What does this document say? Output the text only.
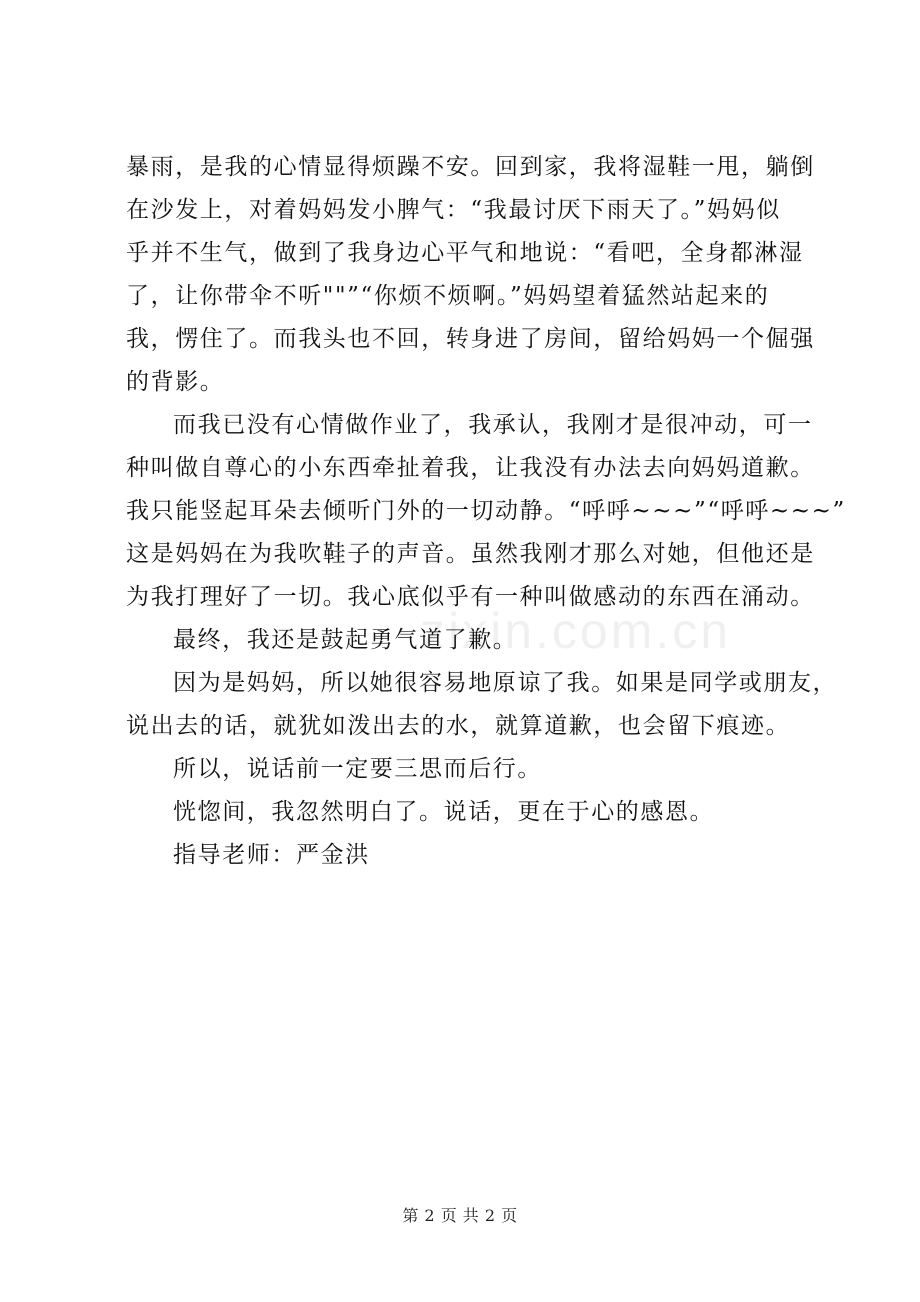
zixin.com.cn
暴雨，是我的心情显得烦躁不安。回到家，我将湿鞋一甩，躺倒
在沙发上，对着妈妈发小脾气：“我最讨厌下雨天了。”妈妈似
乎并不生气，做到了我身边心平气和地说：“看吧，全身都淋湿
了，让你带伞不听""”“你烦不烦啊。”妈妈望着猛然站起来的
我，愣住了。而我头也不回，转身进了房间，留给妈妈一个倔强
的背影。
而我已没有心情做作业了，我承认，我刚才是很冲动，可一
种叫做自尊心的小东西牵扯着我，让我没有办法去向妈妈道歉。
我只能竖起耳朵去倾听门外的一切动静。“呼呼~~~”“呼呼~~~”
这是妈妈在为我吹鞋子的声音。虽然我刚才那么对她，但他还是
为我打理好了一切。我心底似乎有一种叫做感动的东西在涌动。
最终，我还是鼓起勇气道了歉。
因为是妈妈，所以她很容易地原谅了我。如果是同学或朋友，
说出去的话，就犹如泼出去的水，就算道歉，也会留下痕迹。
所以，说话前一定要三思而后行。
恍惚间，我忽然明白了。说话，更在于心的感恩。
指导老师：严金洪
第 2 页 共 2 页
